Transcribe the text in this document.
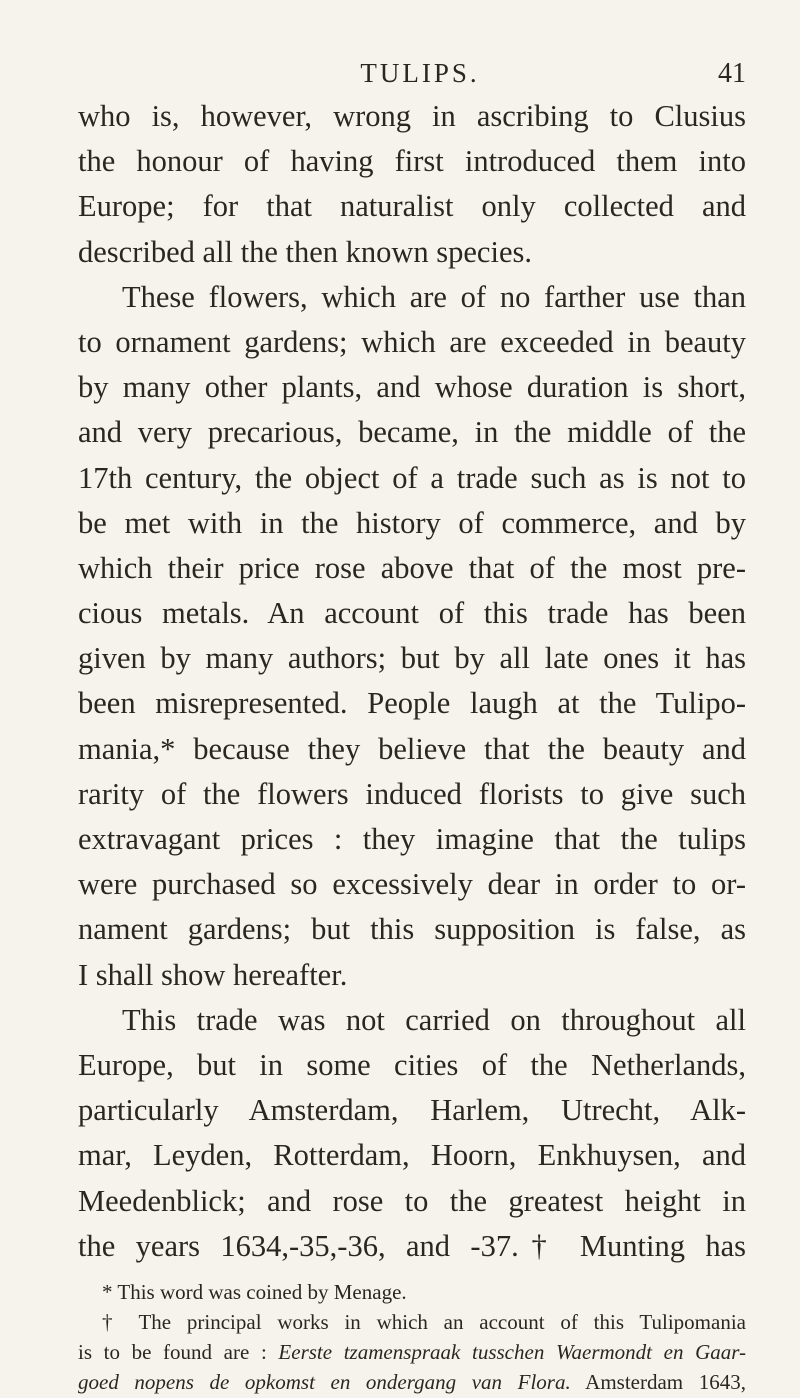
TULIPS.	41
who is, however, wrong in ascribing to Clusius
the honour of having first introduced them into
Europe; for that naturalist only collected and
described all the then known species.
These flowers, which are of no farther use than
to ornament gardens; which are exceeded in beauty
by many other plants, and whose duration is short,
and very precarious, became, in the middle of the
17th century, the object of a trade such as is not to
be met with in the history of commerce, and by
which their price rose above that of the most pre-
cious metals. An account of this trade has been
given by many authors; but by all late ones it has
been misrepresented. People laugh at the Tulipo-
mania,* because they believe that the beauty and
rarity of the flowers induced florists to give such
extravagant prices : they imagine that the tulips
were purchased so excessively dear in order to or-
nament gardens; but this supposition is false, as
I shall show hereafter.
This trade was not carried on throughout all
Europe, but in some cities of the Netherlands,
particularly Amsterdam, Harlem, Utrecht, Alk-
mar, Leyden, Rotterdam, Hoorn, Enkhuysen, and
Meedenblick; and rose to the greatest height in
the years 1634,-35,-36, and -37.† Munting has
* This word was coined by Menage.
† The principal works in which an account of this Tulipomania
is to be found are : Eerste tzamenspraak tusschen Waermondt en Gaar-
goed nopens de opkomst en ondergang van Flora. Amsterdam 1643,
